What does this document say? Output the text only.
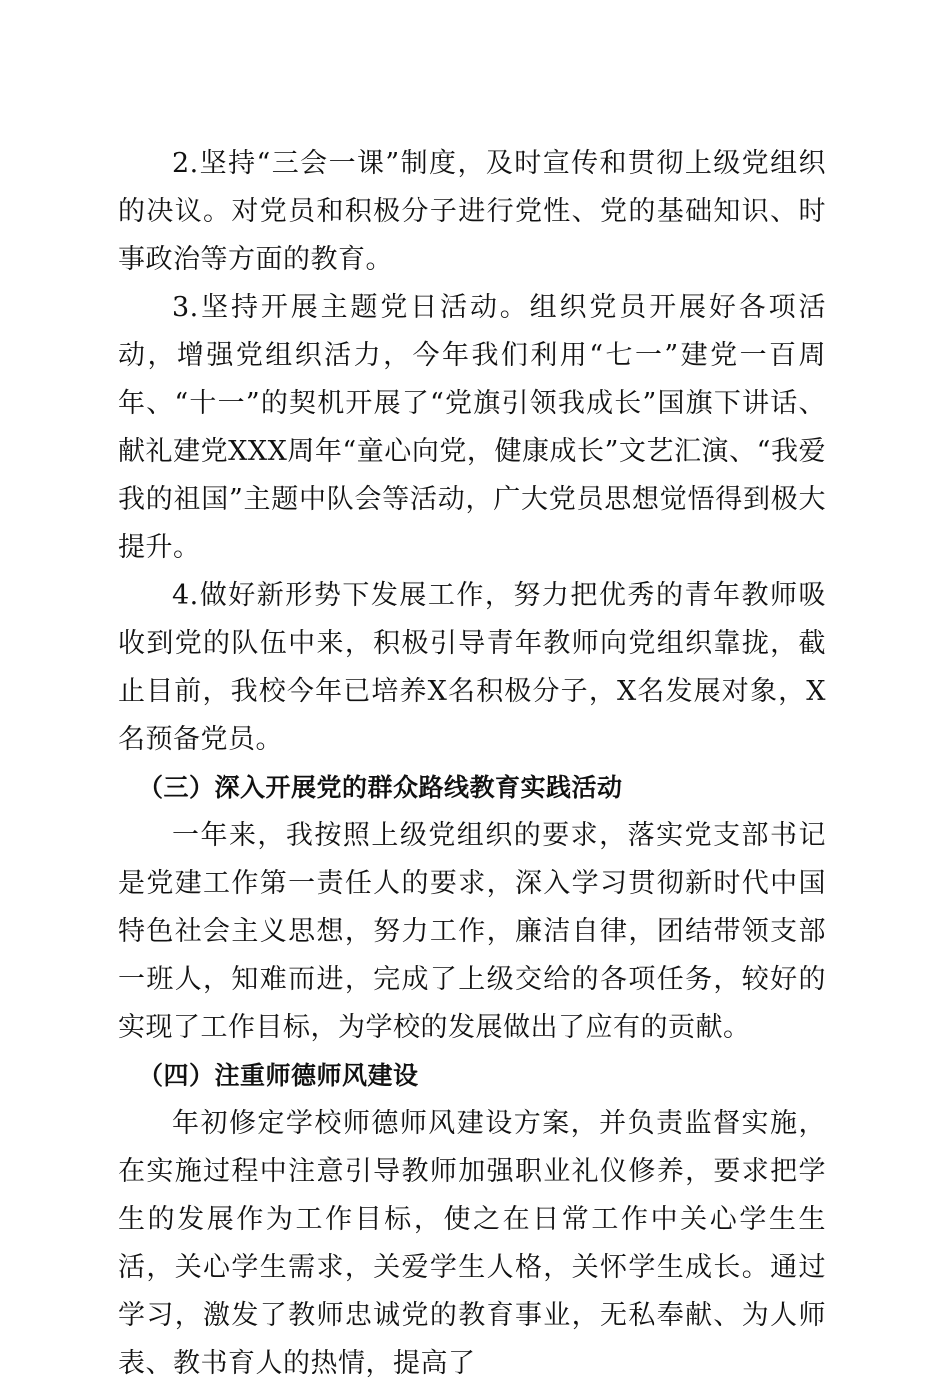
2.坚持“三会一课”制度，及时宣传和贯彻上级党组织的决议。对党员和积极分子进行党性、党的基础知识、时事政治等方面的教育。

3.坚持开展主题党日活动。组织党员开展好各项活动，增强党组织活力，今年我们利用“七一”建党一百周年、“十一”的契机开展了“党旗引领我成长”国旗下讲话、献礼建党XXX周年“童心向党，健康成长”文艺汇演、“我爱我的祖国”主题中队会等活动，广大党员思想觉悟得到极大提升。

4.做好新形势下发展工作，努力把优秀的青年教师吸收到党的队伍中来，积极引导青年教师向党组织靠拢，截止目前，我校今年已培养X名积极分子，X名发展对象，X名预备党员。

（三）深入开展党的群众路线教育实践活动

一年来，我按照上级党组织的要求，落实党支部书记是党建工作第一责任人的要求，深入学习贯彻新时代中国特色社会主义思想，努力工作，廉洁自律，团结带领支部一班人，知难而进，完成了上级交给的各项任务，较好的实现了工作目标，为学校的发展做出了应有的贡献。

（四）注重师德师风建设

年初修定学校师德师风建设方案，并负责监督实施，在实施过程中注意引导教师加强职业礼仪修养，要求把学生的发展作为工作目标，使之在日常工作中关心学生生活，关心学生需求，关爱学生人格，关怀学生成长。通过学习，激发了教师忠诚党的教育事业，无私奉献、为人师表、教书育人的热情，提高了
